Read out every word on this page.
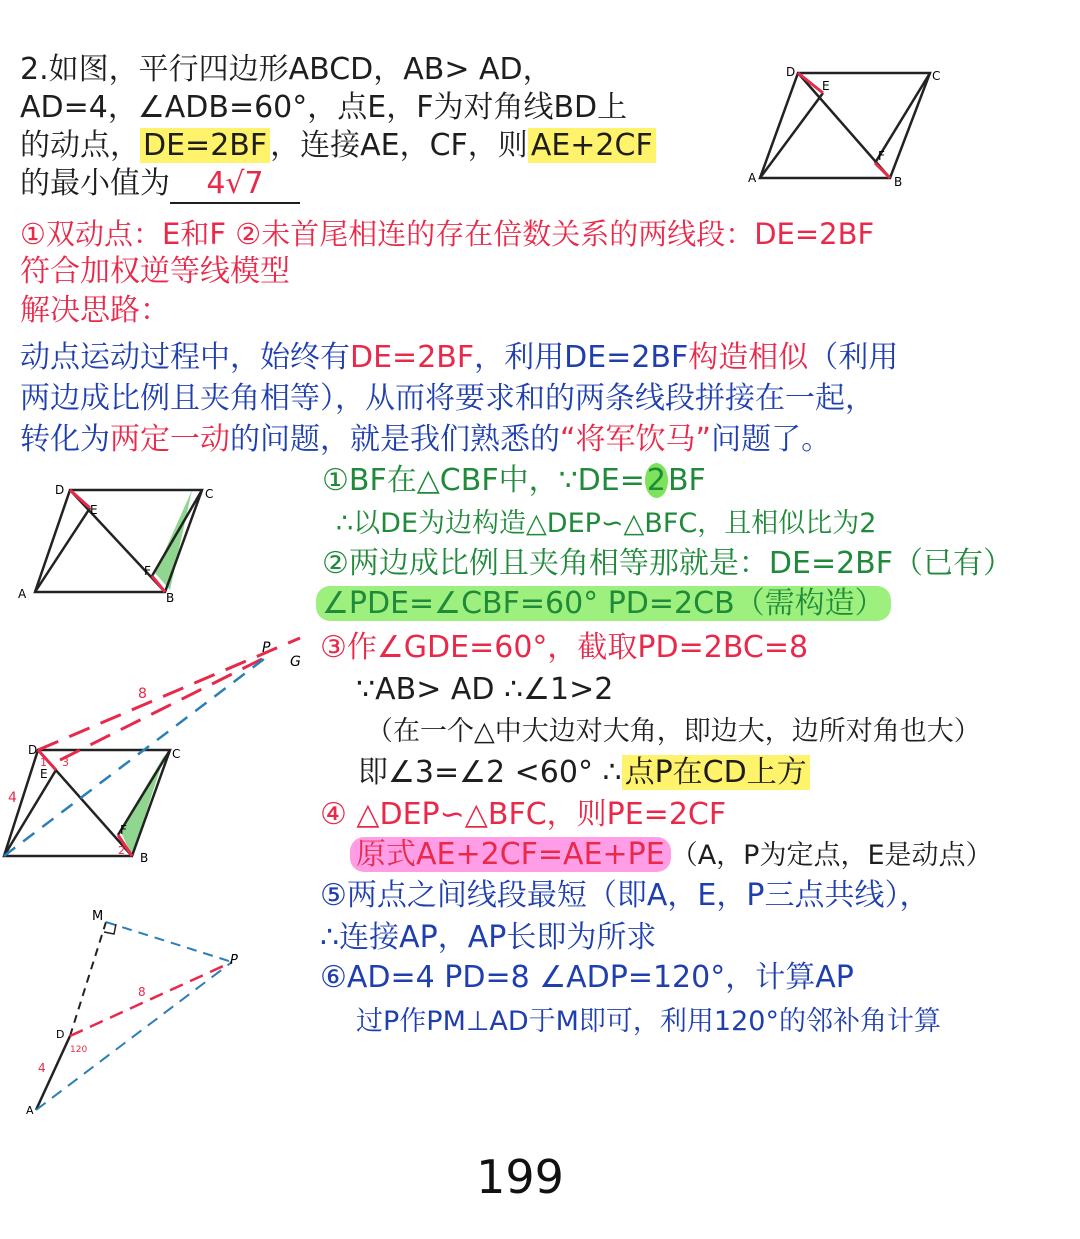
2.如图，平行四边形ABCD，AB> AD，
AD=4，∠ADB=60°，点E，F为对角线BD上
的动点， DE=2BF ，连接AE，CF，则 AE+2CF
的最小值为 4√7
D
E
C
A
F
B
①双动点：E和F ②未首尾相连的存在倍数关系的两线段：DE=2BF
符合加权逆等线模型
解决思路：
动点运动过程中，始终有DE=2BF，利用DE=2BF构造相似（利用
两边成比例且夹角相等），从而将要求和的两条线段拼接在一起，
转化为两定一动的问题，就是我们熟悉的“将军饮马”问题了。
D
E
C
A
F
B
①BF在△CBF中，∵DE=2BF
∴以DE为边构造△DEP∽△BFC，且相似比为2
②两边成比例且夹角相等那就是：DE=2BF（已有）
∠PDE=∠CBF=60° PD=2CB（需构造）
③作∠GDE=60°，截取PD=2BC=8
∵AB> AD ∴∠1>2
（在一个△中大边对大角，即边大，边所对角也大）
即∠3=∠2 <60° ∴ 点P在CD上方
④ △DEP∽△BFC，则PE=2CF
原式AE+2CF=AE+PE （A，P为定点，E是动点）
⑤两点之间线段最短（即A，E，P三点共线），
∴连接AP，AP长即为所求
⑥AD=4 PD=8 ∠ADP=120°，计算AP
过P作PM⊥AD于M即可，利用120°的邻补角计算
P
G
8
D	C
E
1 3
4
F
2
B
M
P
8
D
120
4
A
199
